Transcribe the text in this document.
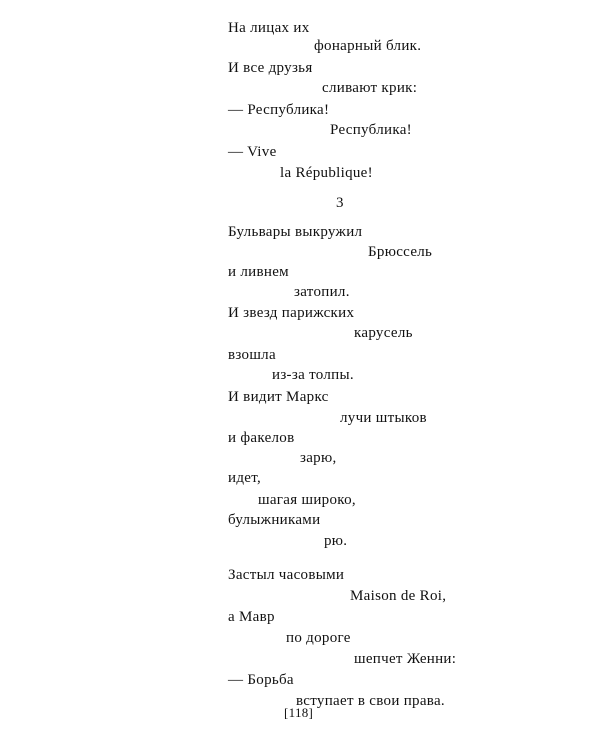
На лицах их
фонарный блик.
И все друзья
сливают крик:
— Республика!
Республика!
— Vive
la République!
3
Бульвары выкружил
Брюссель
и ливнем
затопил.
И звезд парижских
карусель
взошла
из-за толпы.
И видит Маркс
лучи штыков
и факелов
зарю,
идет,
шагая широко,
булыжниками
рю.
Застыл часовыми
Maison de Roi,
а Мавр
по дороге
шепчет Женни:
— Борьба
вступает в свои права.
[118]
